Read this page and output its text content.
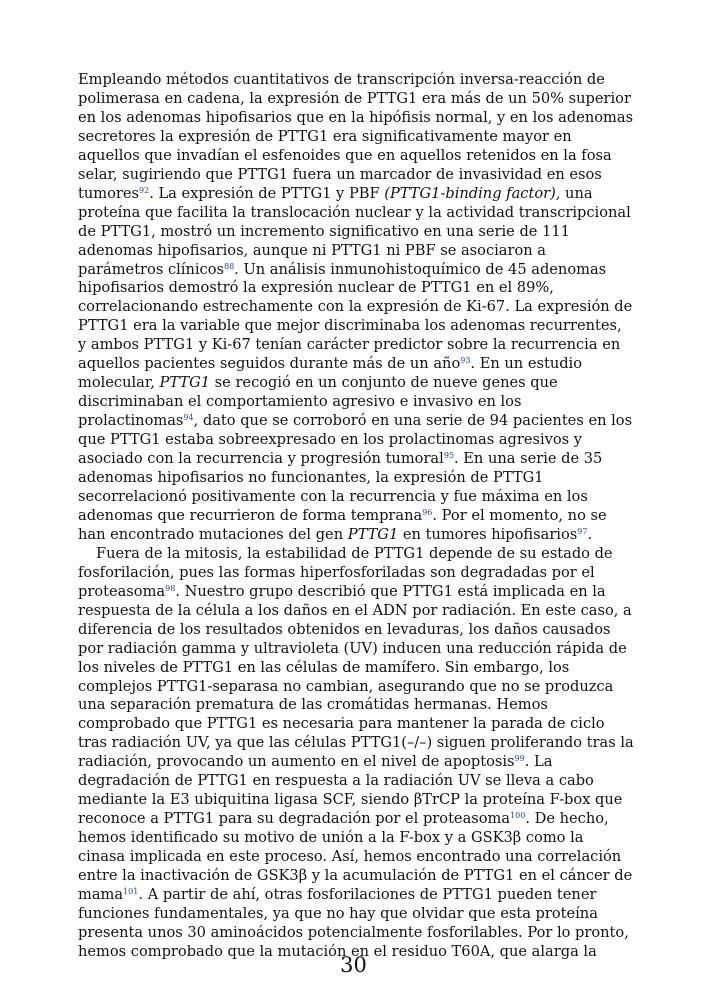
Empleando métodos cuantitativos de transcripción inversa-reacción de polimerasa en cadena, la expresión de PTTG1 era más de un 50% superior en los adenomas hipofisarios que en la hipófisis normal, y en los adenomas secretores la expresión de PTTG1 era significativamente mayor en aquellos que invadían el esfenoides que en aquellos retenidos en la fosa selar, sugiriendo que PTTG1 fuera un marcador de invasividad en esos tumores$^{92}$. La expresión de PTTG1 y PBF (PTTG1-binding factor), una proteína que facilita la translocación nuclear y la actividad transcripcional de PTTG1, mostró un incremento significativo en una serie de 111 adenomas hipofisarios, aunque ni PTTG1 ni PBF se asociaron a parámetros clínicos$^{88}$. Un análisis inmunohistoquímico de 45 adenomas hipofisarios demostró la expresión nuclear de PTTG1 en el 89%, correlacionando estrechamente con la expresión de Ki-67. La expresión de PTTG1 era la variable que mejor discriminaba los adenomas recurrentes, y ambos PTTG1 y Ki-67 tenían carácter predictor sobre la recurrencia en aquellos pacientes seguidos durante más de un año$^{93}$. En un estudio molecular, PTTG1 se recogió en un conjunto de nueve genes que discriminaban el comportamiento agresivo e invasivo en los prolactinomas$^{94}$, dato que se corroboró en una serie de 94 pacientes en los que PTTG1 estaba sobreexpresado en los prolactinomas agresivos y asociado con la recurrencia y progresión tumoral$^{95}$. En una serie de 35 adenomas hipofisarios no funcionantes, la expresión de PTTG1 secorrelacionó positivamente con la recurrencia y fue máxima en los adenomas que recurrieron de forma temprana$^{96}$. Por el momento, no se han encontrado mutaciones del gen PTTG1 en tumores hipofisarios$^{97}$.

Fuera de la mitosis, la estabilidad de PTTG1 depende de su estado de fosforilación, pues las formas hiperfosforiladas son degradadas por el proteasoma$^{98}$. Nuestro grupo describió que PTTG1 está implicada en la respuesta de la célula a los daños en el ADN por radiación. En este caso, a diferencia de los resultados obtenidos en levaduras, los daños causados por radiación gamma y ultravioleta (UV) inducen una reducción rápida de los niveles de PTTG1 en las células de mamífero. Sin embargo, los complejos PTTG1-separasa no cambian, asegurando que no se produzca una separación prematura de las cromátidas hermanas. Hemos comprobado que PTTG1 es necesaria para mantener la parada de ciclo tras radiación UV, ya que las células PTTG1(–/–) siguen proliferando tras la radiación, provocando un aumento en el nivel de apoptosis$^{99}$. La degradación de PTTG1 en respuesta a la radiación UV se lleva a cabo mediante la E3 ubiquitina ligasa SCF, siendo βTrCP la proteína F-box que reconoce a PTTG1 para su degradación por el proteasoma$^{100}$. De hecho, hemos identificado su motivo de unión a la F-box y a GSK3β como la cinasa implicada en este proceso. Así, hemos encontrado una correlación entre la inactivación de GSK3β y la acumulación de PTTG1 en el cáncer de mama$^{101}$. A partir de ahí, otras fosforilaciones de PTTG1 pueden tener funciones fundamentales, ya que no hay que olvidar que esta proteína presenta unos 30 aminoácidos potencialmente fosforilables. Por lo pronto, hemos comprobado que la mutación en el residuo T60A, que alarga la

30
